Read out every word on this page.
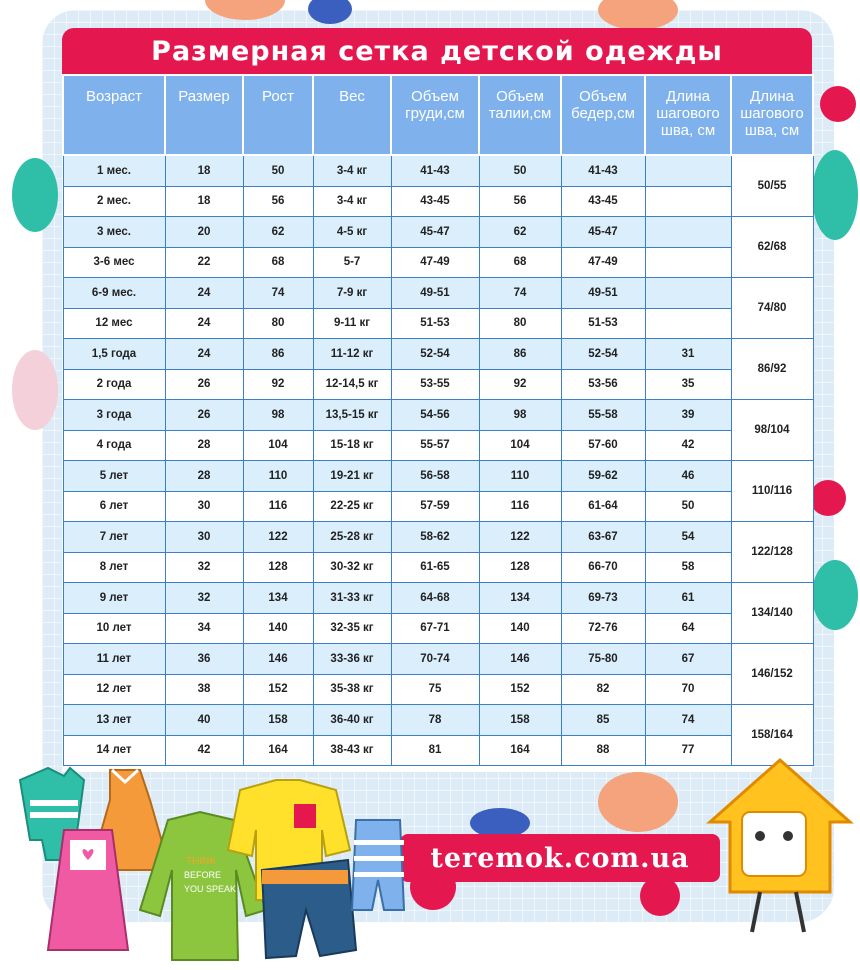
Размерная сетка детской одежды
Возраст	Размер	Рост	Вес	Объем груди,см	Объем талии,см	Объем бедер,см	Длина шагового шва, см	Длина шагового шва, см
1 мес.	18	50	3-4 кг	41-43	50	41-43		50/55
2 мес.	18	56	3-4 кг	43-45	56	43-45		
3 мес.	20	62	4-5 кг	45-47	62	45-47		62/68
3-6 мес	22	68	5-7	47-49	68	47-49		
6-9 мес.	24	74	7-9 кг	49-51	74	49-51		74/80
12 мес	24	80	9-11 кг	51-53	80	51-53		
1,5 года	24	86	11-12 кг	52-54	86	52-54	31	86/92
2 года	26	92	12-14,5 кг	53-55	92	53-56	35	
3 года	26	98	13,5-15 кг	54-56	98	55-58	39	98/104
4 года	28	104	15-18 кг	55-57	104	57-60	42	
5 лет	28	110	19-21 кг	56-58	110	59-62	46	110/116
6 лет	30	116	22-25 кг	57-59	116	61-64	50	
7 лет	30	122	25-28 кг	58-62	122	63-67	54	122/128
8 лет	32	128	30-32 кг	61-65	128	66-70	58	
9 лет	32	134	31-33 кг	64-68	134	69-73	61	134/140
10 лет	34	140	32-35 кг	67-71	140	72-76	64	
11 лет	36	146	33-36 кг	70-74	146	75-80	67	146/152
12 лет	38	152	35-38 кг	75	152	82	70	
13 лет	40	158	36-40 кг	78	158	85	74	158/164
14 лет	42	164	38-43 кг	81	164	88	77	
teremok.com.ua
THINK
BEFORE
YOU SPEAK
